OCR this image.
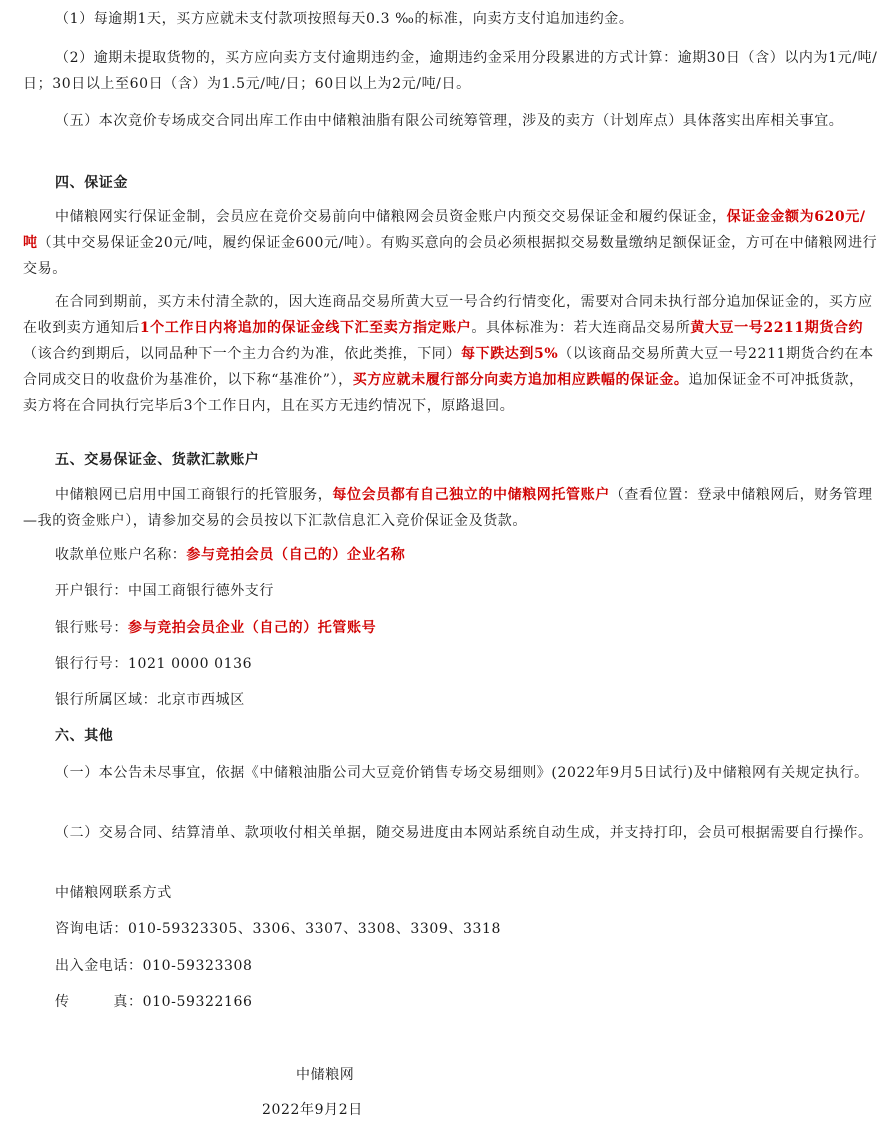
（1）每逾期1天，买方应就未支付款项按照每天0.3 ‰的标准，向卖方支付追加违约金。

（2）逾期未提取货物的，买方应向卖方支付逾期违约金，逾期违约金采用分段累进的方式计算：逾期30日（含）以内为1元/吨/日；30日以上至60日（含）为1.5元/吨/日；60日以上为2元/吨/日。

（五）本次竞价专场成交合同出库工作由中储粮油脂有限公司统筹管理，涉及的卖方（计划库点）具体落实出库相关事宜。

四、保证金

中储粮网实行保证金制，会员应在竞价交易前向中储粮网会员资金账户内预交交易保证金和履约保证金，保证金金额为620元/吨（其中交易保证金20元/吨，履约保证金600元/吨）。有购买意向的会员必须根据拟交易数量缴纳足额保证金，方可在中储粮网进行交易。

在合同到期前，买方未付清全款的，因大连商品交易所黄大豆一号合约行情变化，需要对合同未执行部分追加保证金的，买方应在收到卖方通知后1个工作日内将追加的保证金线下汇至卖方指定账户。具体标准为：若大连商品交易所黄大豆一号2211期货合约（该合约到期后，以同品种下一个主力合约为准，依此类推，下同）每下跌达到5%（以该商品交易所黄大豆一号2211期货合约在本合同成交日的收盘价为基准价，以下称“基准价”），买方应就未履行部分向卖方追加相应跌幅的保证金。追加保证金不可冲抵货款，卖方将在合同执行完毕后3个工作日内，且在买方无违约情况下，原路退回。

五、交易保证金、货款汇款账户

中储粮网已启用中国工商银行的托管服务，每位会员都有自己独立的中储粮网托管账户（查看位置：登录中储粮网后，财务管理—我的资金账户），请参加交易的会员按以下汇款信息汇入竞价保证金及货款。

收款单位账户名称：参与竞拍会员（自己的）企业名称

开户银行：中国工商银行德外支行

银行账号：参与竞拍会员企业（自己的）托管账号

银行行号：1021 0000 0136

银行所属区域：北京市西城区

六、其他

（一）本公告未尽事宜，依据《中储粮油脂公司大豆竞价销售专场交易细则》(2022年9月5日试行)及中储粮网有关规定执行。

（二）交易合同、结算清单、款项收付相关单据，随交易进度由本网站系统自动生成，并支持打印，会员可根据需要自行操作。

中储粮网联系方式

咨询电话：010-59323305、3306、3307、3308、3309、3318

出入金电话：010-59323308

传　　　真：010-59322166

中储粮网

2022年9月2日
